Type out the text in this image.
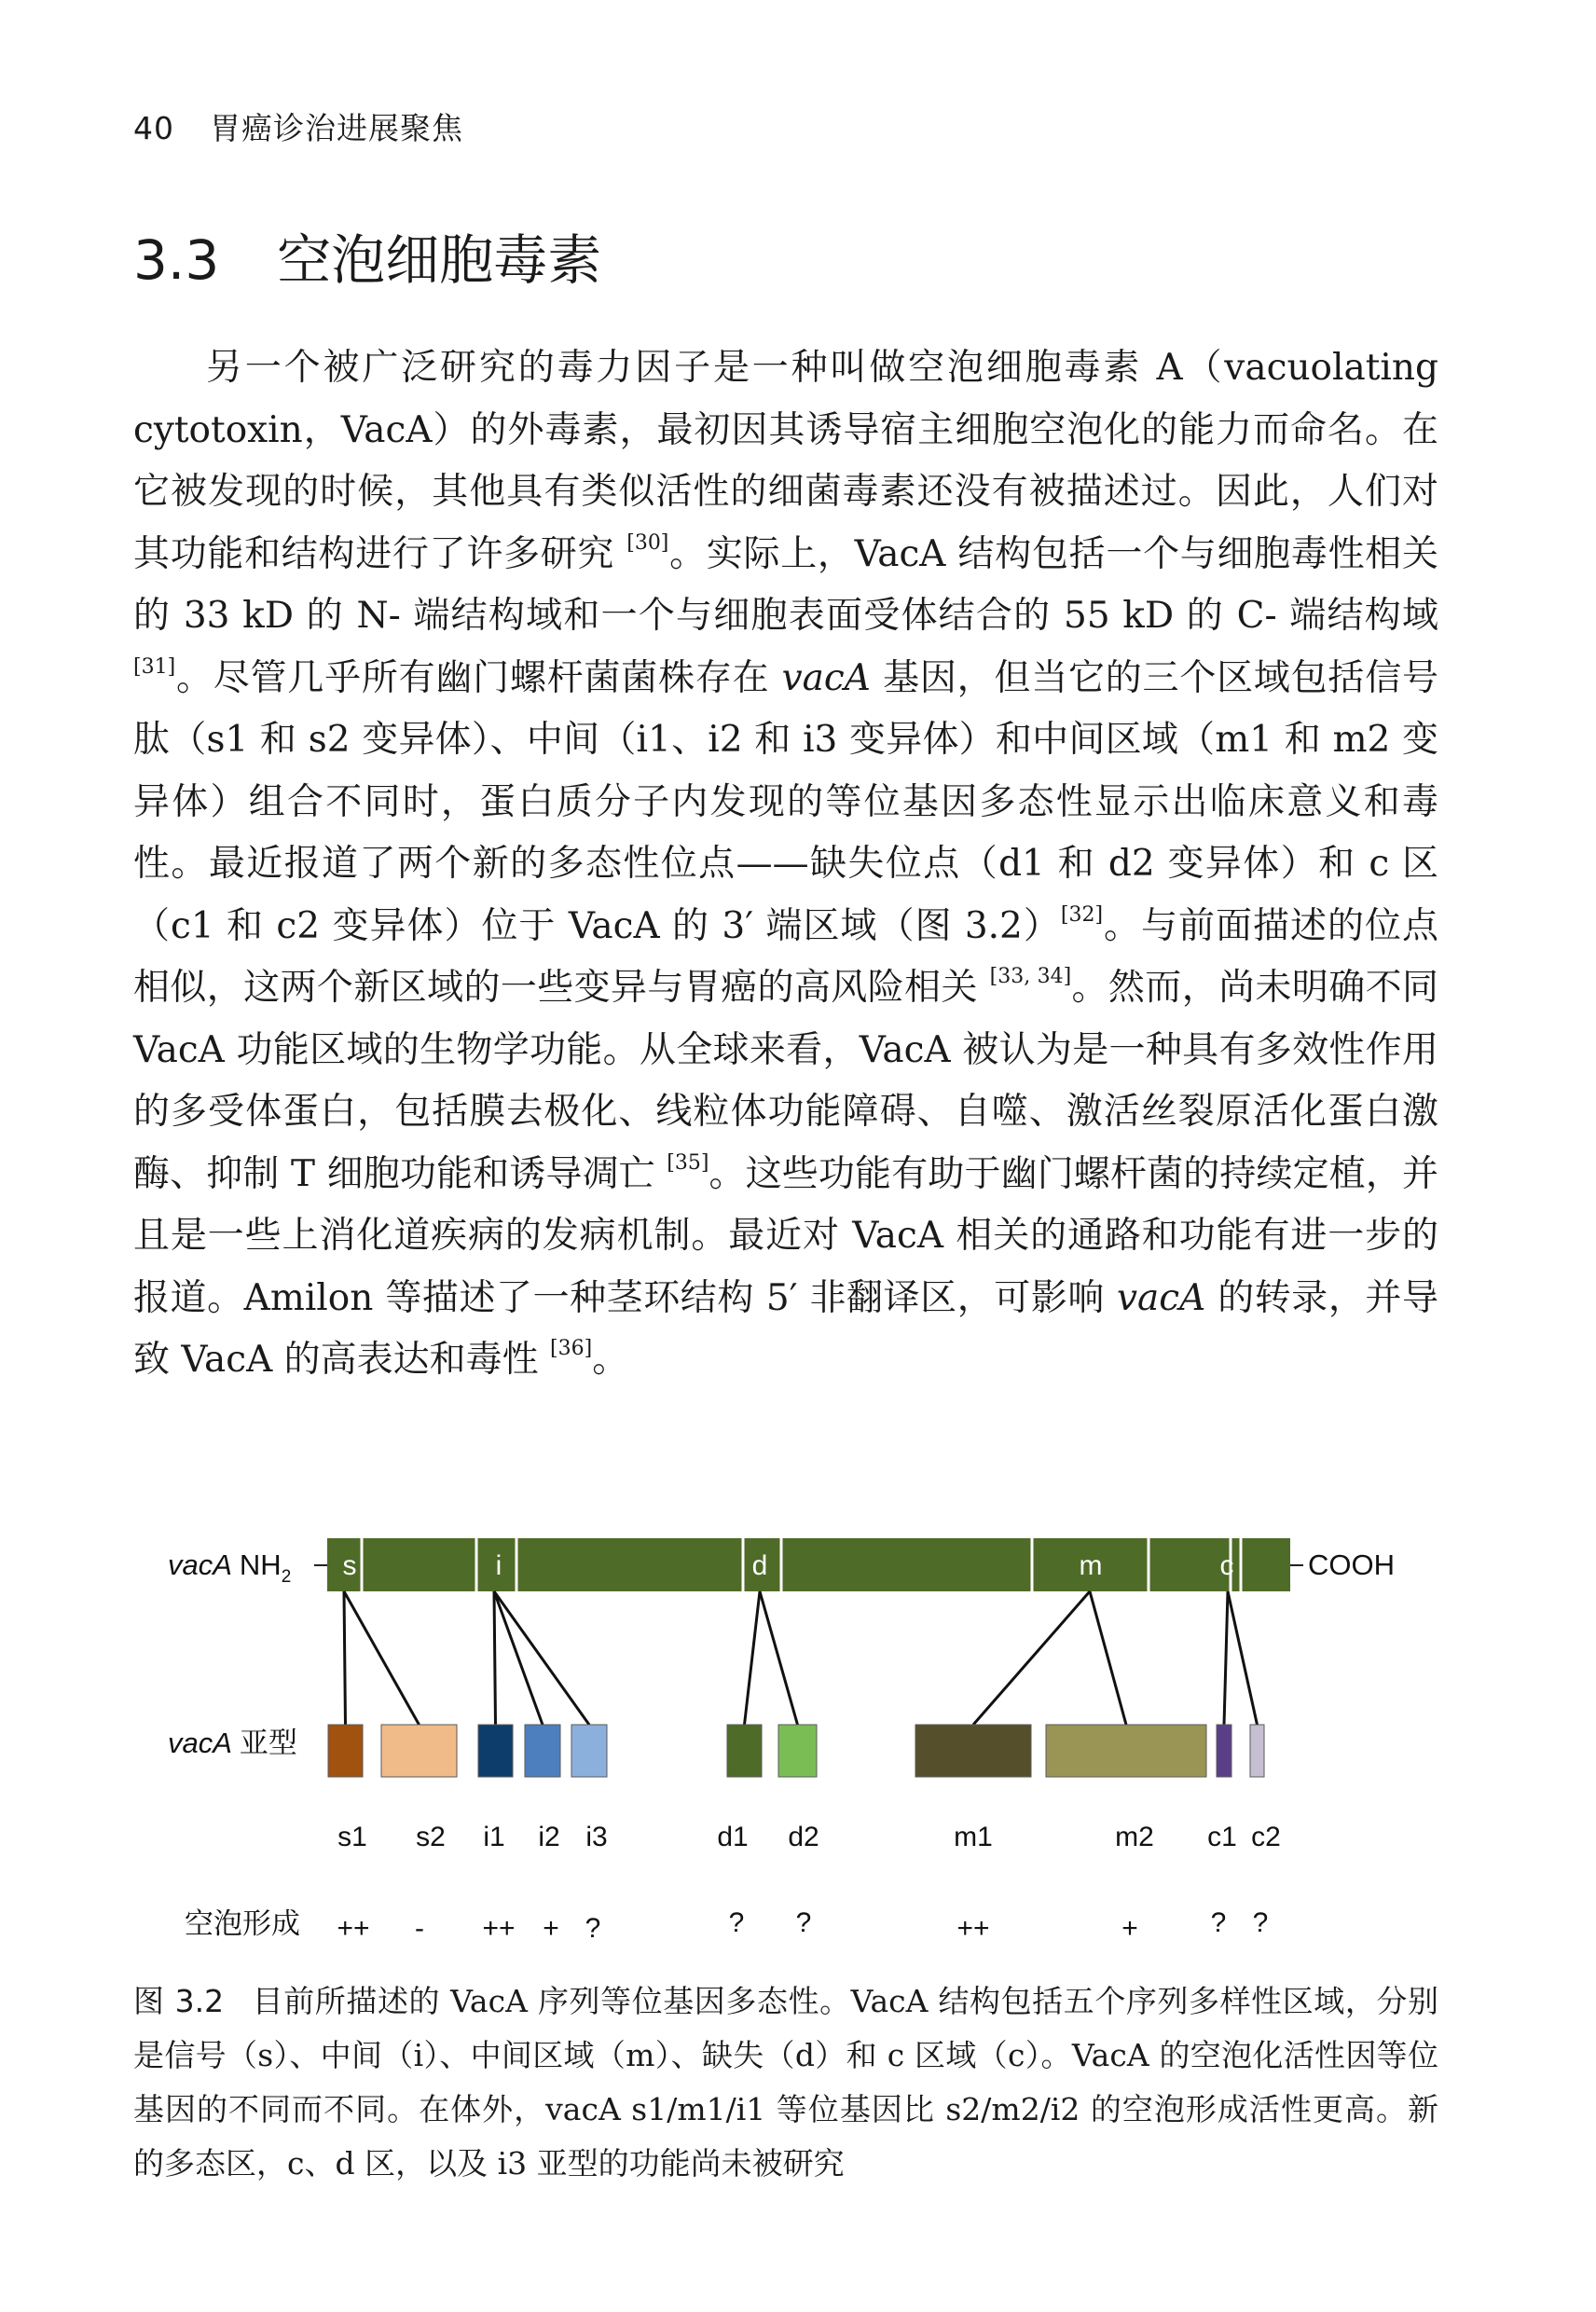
40 胃癌诊治进展聚焦
3.3 空泡细胞毒素

另一个被广泛研究的毒力因子是一种叫做空泡细胞毒素 A（vacuolating cytotoxin，VacA）的外毒素，最初因其诱导宿主细胞空泡化的能力而命名。在它被发现的时候，其他具有类似活性的细菌毒素还没有被描述过。因此，人们对其功能和结构进行了许多研究 [30]。实际上，VacA 结构包括一个与细胞毒性相关的 33 kD 的 N- 端结构域和一个与细胞表面受体结合的 55 kD 的 C- 端结构域 [31]。尽管几乎所有幽门螺杆菌菌株存在 vacA 基因，但当它的三个区域包括信号肽（s1 和 s2 变异体）、中间（i1、i2 和 i3 变异体）和中间区域（m1 和 m2 变异体）组合不同时，蛋白质分子内发现的等位基因多态性显示出临床意义和毒性。最近报道了两个新的多态性位点——缺失位点（d1 和 d2 变异体）和 c 区（c1 和 c2 变异体）位于 VacA 的 3′ 端区域（图 3.2）[32]。与前面描述的位点相似，这两个新区域的一些变异与胃癌的高风险相关 [33, 34]。然而，尚未明确不同 VacA 功能区域的生物学功能。从全球来看，VacA 被认为是一种具有多效性作用的多受体蛋白，包括膜去极化、线粒体功能障碍、自噬、激活丝裂原活化蛋白激酶、抑制 T 细胞功能和诱导凋亡 [35]。这些功能有助于幽门螺杆菌的持续定植，并且是一些上消化道疾病的发病机制。最近对 VacA 相关的通路和功能有进一步的报道。Amilon 等描述了一种茎环结构 5′ 非翻译区，可影响 vacA 的转录，并导致 VacA 的高表达和毒性 [36]。

vacA $NH_2$	COOH
s	i	d	m	c
vacA 亚型
s1 s2 i1 i2 i3	d1 d2	m1	m2 c1 c2
空泡形成 ++ - ++ + ?	? ?	++	+	? ?
图 3.2 目前所描述的 VacA 序列等位基因多态性。VacA 结构包括五个序列多样性区域，分别是信号（s）、中间（i）、中间区域（m）、缺失（d）和 c 区域（c）。VacA 的空泡化活性因等位基因的不同而不同。在体外，vacA s1/m1/i1 等位基因比 s2/m2/i2 的空泡形成活性更高。新的多态区，c、d 区，以及 i3 亚型的功能尚未被研究
